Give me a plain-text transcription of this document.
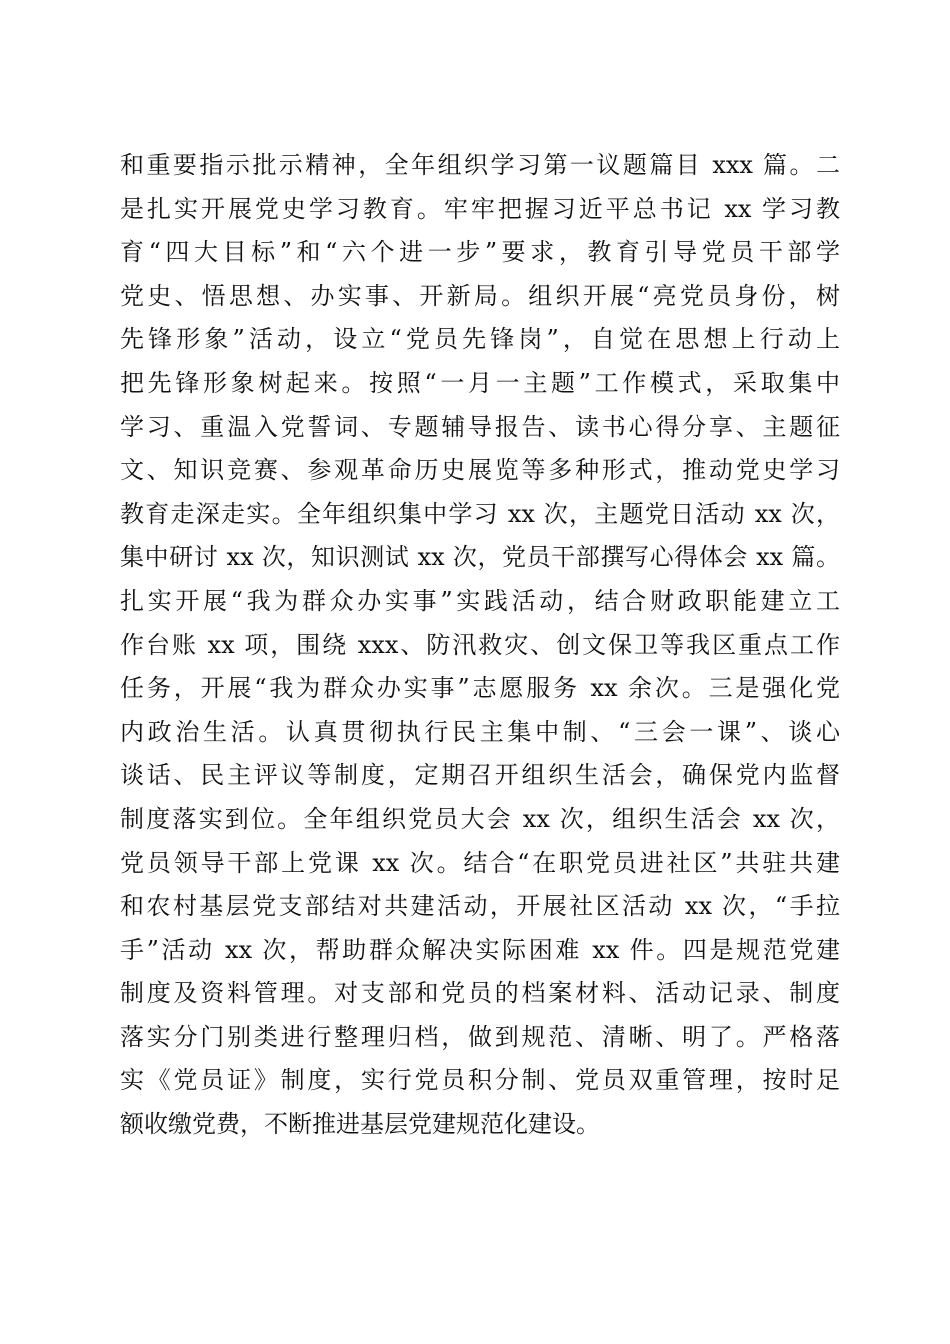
和重要指示批示精神，全年组织学习第一议题篇目 xxx 篇。二
是扎实开展党史学习教育。牢牢把握习近平总书记 xx 学习教
育“四大目标”和“六个进一步”要求，教育引导党员干部学
党史、悟思想、办实事、开新局。组织开展“亮党员身份，树
先锋形象”活动，设立“党员先锋岗”，自觉在思想上行动上
把先锋形象树起来。按照“一月一主题”工作模式，采取集中
学习、重温入党誓词、专题辅导报告、读书心得分享、主题征
文、知识竞赛、参观革命历史展览等多种形式，推动党史学习
教育走深走实。全年组织集中学习 xx 次，主题党日活动 xx 次，
集中研讨 xx 次，知识测试 xx 次，党员干部撰写心得体会 xx 篇。
扎实开展“我为群众办实事”实践活动，结合财政职能建立工
作台账 xx 项，围绕 xxx、防汛救灾、创文保卫等我区重点工作
任务，开展“我为群众办实事”志愿服务 xx 余次。三是强化党
内政治生活。认真贯彻执行民主集中制、“三会一课”、谈心
谈话、民主评议等制度，定期召开组织生活会，确保党内监督
制度落实到位。全年组织党员大会 xx 次，组织生活会 xx 次，
党员领导干部上党课 xx 次。结合“在职党员进社区”共驻共建
和农村基层党支部结对共建活动，开展社区活动 xx 次，“手拉
手”活动 xx 次，帮助群众解决实际困难 xx 件。四是规范党建
制度及资料管理。对支部和党员的档案材料、活动记录、制度
落实分门别类进行整理归档，做到规范、清晰、明了。严格落
实《党员证》制度，实行党员积分制、党员双重管理，按时足
额收缴党费，不断推进基层党建规范化建设。
